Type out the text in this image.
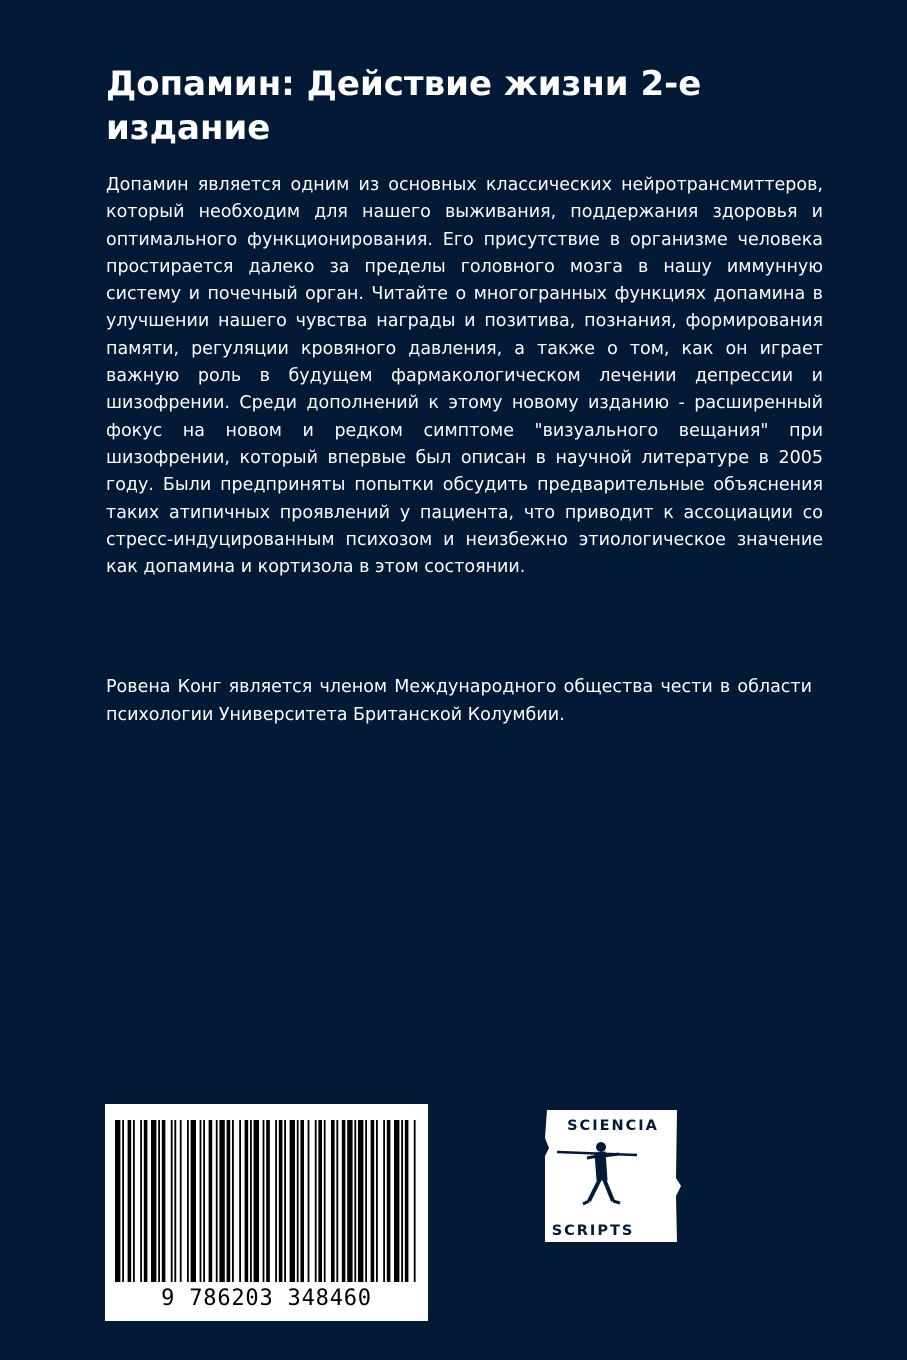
Допамин: Действие жизни 2-е издание

Допамин является одним из основных классических нейротрансмиттеров, который необходим для нашего выживания, поддержания здоровья и оптимального функционирования. Его присутствие в организме человека простирается далеко за пределы головного мозга в нашу иммунную систему и почечный орган. Читайте о многогранных функциях допамина в улучшении нашего чувства награды и позитива, познания, формирования памяти, регуляции кровяного давления, а также о том, как он играет важную роль в будущем фармакологическом лечении депрессии и шизофрении. Среди дополнений к этому новому изданию - расширенный фокус на новом и редком симптоме "визуального вещания" при шизофрении, который впервые был описан в научной литературе в 2005 году. Были предприняты попытки обсудить предварительные объяснения таких атипичных проявлений у пациента, что приводит к ассоциации со стресс-индуцированным психозом и неизбежно этиологическое значение как допамина и кортизола в этом состоянии.

Ровена Конг является членом Международного общества чести в области психологии Университета Британской Колумбии.

9 786203 348460
SCIENCIA
SCRIPTS
